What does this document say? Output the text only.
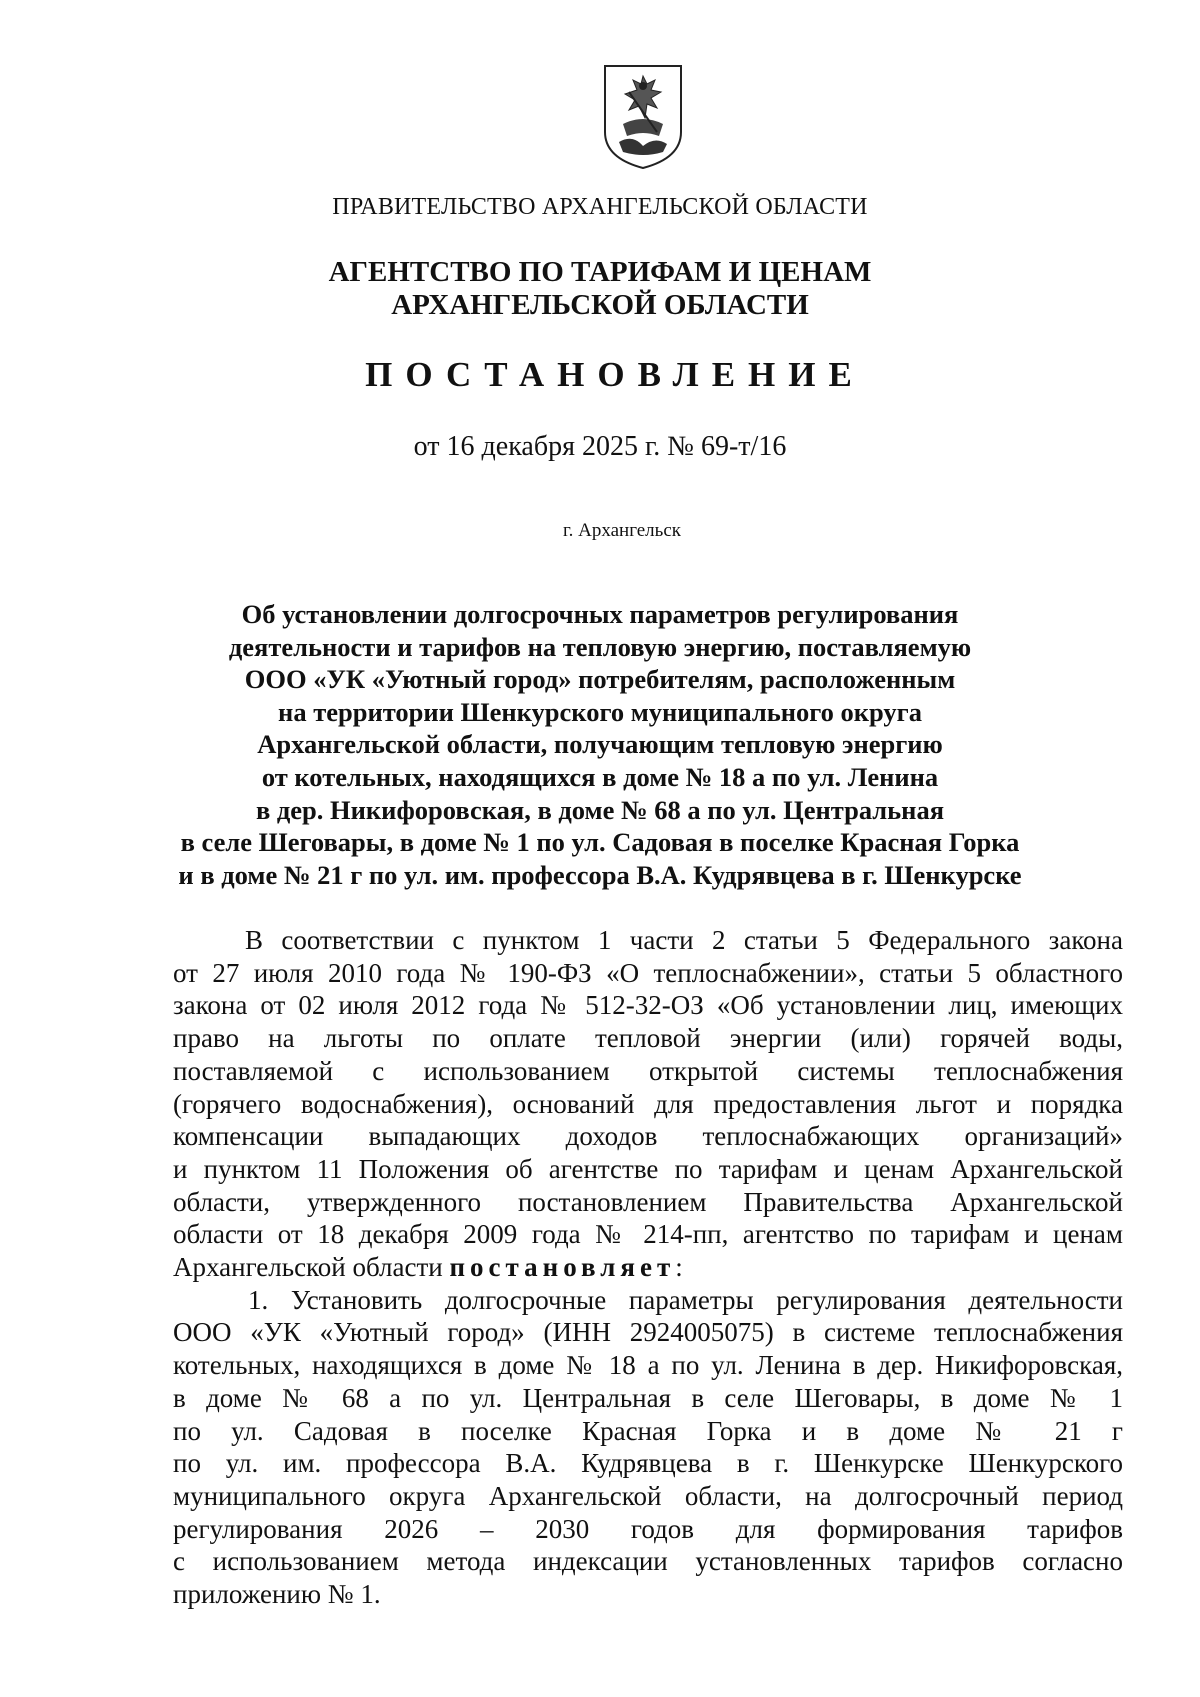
ПРАВИТЕЛЬСТВО АРХАНГЕЛЬСКОЙ ОБЛАСТИ
АГЕНТСТВО ПО ТАРИФАМ И ЦЕНАМ
АРХАНГЕЛЬСКОЙ ОБЛАСТИ
ПОСТАНОВЛЕНИЕ
от 16 декабря 2025 г. № 69-т/16
г. Архангельск
Об установлении долгосрочных параметров регулирования
деятельности и тарифов на тепловую энергию, поставляемую
ООО «УК «Уютный город» потребителям, расположенным
на территории Шенкурского муниципального округа
Архангельской области, получающим тепловую энергию
от котельных, находящихся в доме № 18 а по ул. Ленина
в дер. Никифоровская, в доме № 68 а по ул. Центральная
в селе Шеговары, в доме № 1 по ул. Садовая в поселке Красная Горка
и в доме № 21 г по ул. им. профессора В.А. Кудрявцева в г. Шенкурске
В соответствии с пунктом 1 части 2 статьи 5 Федерального закона
от 27 июля 2010 года № 190-ФЗ «О теплоснабжении», статьи 5 областного
закона от 02 июля 2012 года № 512-32-ОЗ «Об установлении лиц, имеющих
право на льготы по оплате тепловой энергии (или) горячей воды,
поставляемой с использованием открытой системы теплоснабжения
(горячего водоснабжения), оснований для предоставления льгот и порядка
компенсации выпадающих доходов теплоснабжающих организаций»
и пунктом 11 Положения об агентстве по тарифам и ценам Архангельской
области, утвержденного постановлением Правительства Архангельской
области от 18 декабря 2009 года № 214-пп, агентство по тарифам и ценам
Архангельской области постановляет:
1. Установить долгосрочные параметры регулирования деятельности
ООО «УК «Уютный город» (ИНН 2924005075) в системе теплоснабжения
котельных, находящихся в доме № 18 а по ул. Ленина в дер. Никифоровская,
в доме № 68 а по ул. Центральная в селе Шеговары, в доме № 1
по ул. Садовая в поселке Красная Горка и в доме № 21 г
по ул. им. профессора В.А. Кудрявцева в г. Шенкурске Шенкурского
муниципального округа Архангельской области, на долгосрочный период
регулирования 2026 – 2030 годов для формирования тарифов
с использованием метода индексации установленных тарифов согласно
приложению № 1.
